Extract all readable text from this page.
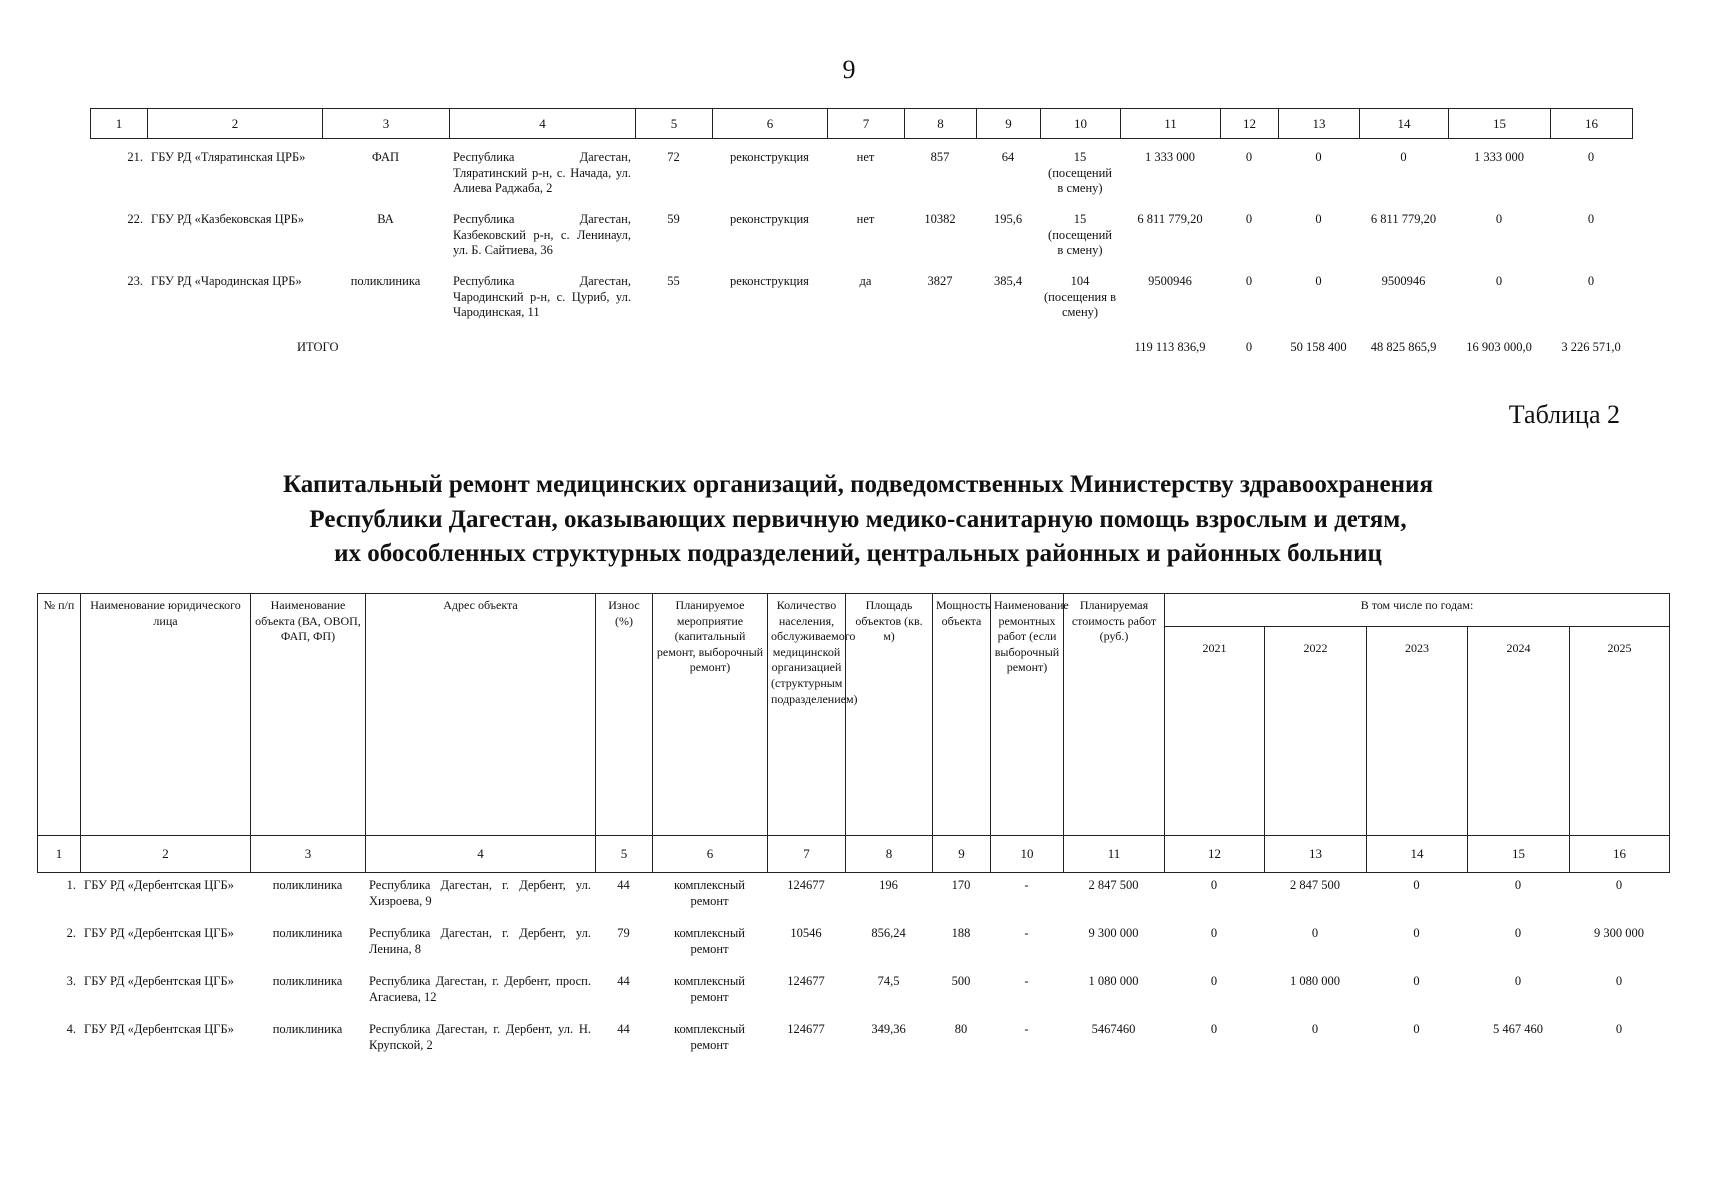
9
1	2	3	4	5	6	7	8	9	10	11	12	13	14	15	16
21.	ГБУ РД «Тляратинская ЦРБ»	ФАП	Республика Дагестан, Тляратинский р-н, с. Начада, ул. Алиева Раджаба, 2	72	реконструкция	нет	857	64	15 (посещений в смену)	1 333 000	0	0	0	1 333 000	0
22.	ГБУ РД «Казбековская ЦРБ»	ВА	Республика Дагестан, Казбековский р-н, с. Ленинаул, ул. Б. Сайтиева, 36	59	реконструкция	нет	10382	195,6	15 (посещений в смену)	6 811 779,20	0	0	6 811 779,20	0	0
23.	ГБУ РД «Чародинская ЦРБ»	поликлиника	Республика Дагестан, Чародинский р-н, с. Цуриб, ул. Чародинская, 11	55	реконструкция	да	3827	385,4	104 (посещения в смену)	9500946	0	0	9500946	0	0
	ИТОГО									119 113 836,9	0	50 158 400	48 825 865,9	16 903 000,0	3 226 571,0
Таблица 2
Капитальный ремонт медицинских организаций, подведомственных Министерству здравоохранения
Республики Дагестан, оказывающих первичную медико-санитарную помощь взрослым и детям,
их обособленных структурных подразделений, центральных районных и районных больниц
№ п/п	Наименование юридического лица	Наименование объекта (ВА, ОВОП, ФАП, ФП)	Адрес объекта	Износ (%)	Планируемое мероприятие (капитальный ремонт, выборочный ремонт)	Количество населения, обслуживаемого медицинской организацией (структурным подразделением)	Площадь объектов (кв. м)	Мощность объекта	Наименование ремонтных работ (если выборочный ремонт)	Планируемая стоимость работ (руб.)	В том числе по годам:				
											2021	2022	2023	2024	2025
1	2	3	4	5	6	7	8	9	10	11	12	13	14	15	16
1.	ГБУ РД «Дербентская ЦГБ»	поликлиника	Республика Дагестан, г. Дербент, ул. Хизроева, 9	44	комплексный ремонт	124677	196	170	-	2 847 500	0	2 847 500	0	0	0
2.	ГБУ РД «Дербентская ЦГБ»	поликлиника	Республика Дагестан, г. Дербент, ул. Ленина, 8	79	комплексный ремонт	10546	856,24	188	-	9 300 000	0	0	0	0	9 300 000
3.	ГБУ РД «Дербентская ЦГБ»	поликлиника	Республика Дагестан, г. Дербент, просп. Агасиева, 12	44	комплексный ремонт	124677	74,5	500	-	1 080 000	0	1 080 000	0	0	0
4.	ГБУ РД «Дербентская ЦГБ»	поликлиника	Республика Дагестан, г. Дербент, ул. Н. Крупской, 2	44	комплексный ремонт	124677	349,36	80	-	5467460	0	0	0	5 467 460	0
